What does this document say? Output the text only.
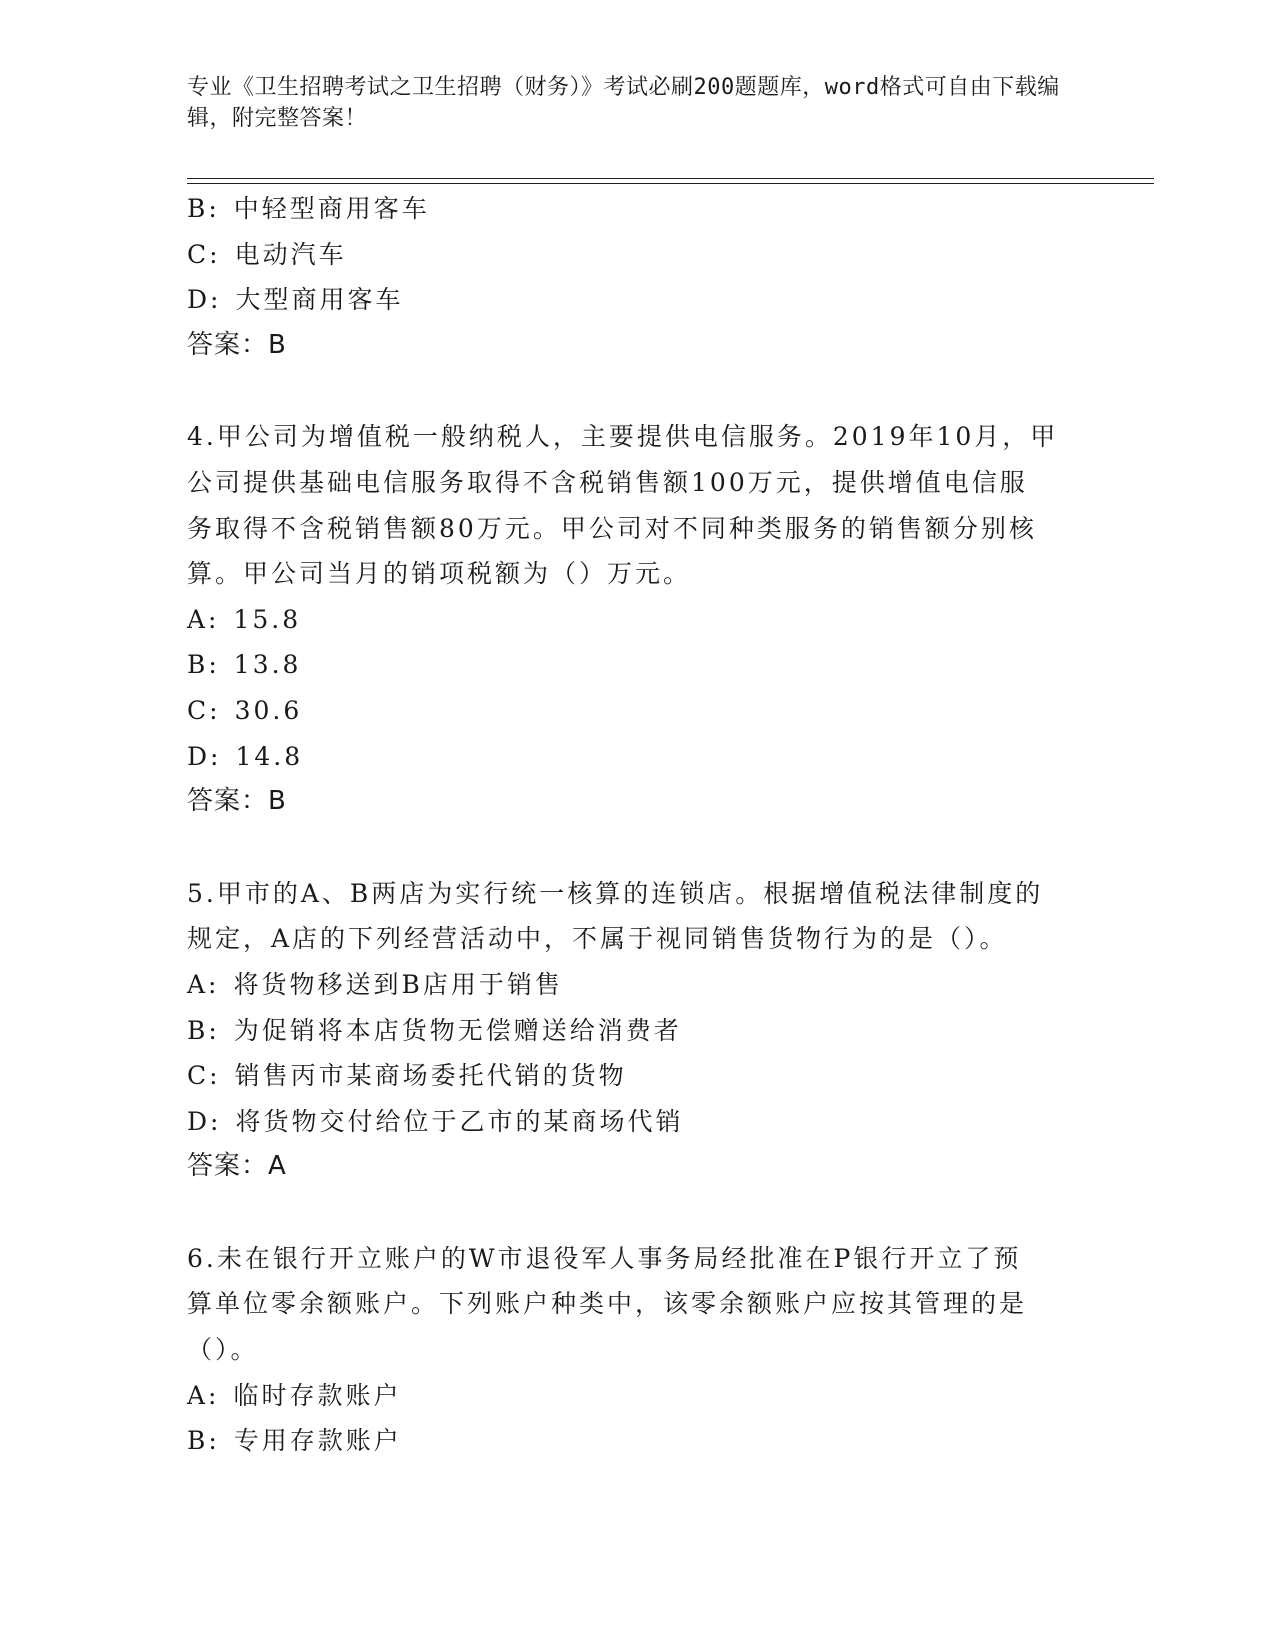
专业《卫生招聘考试之卫生招聘（财务）》考试必刷200题题库，word格式可自由下载编辑，附完整答案！
B: 中轻型商用客车
C: 电动汽车
D: 大型商用客车
答案：B
4.甲公司为增值税一般纳税人，主要提供电信服务。2019年10月，甲
公司提供基础电信服务取得不含税销售额100万元，提供增值电信服
务取得不含税销售额80万元。甲公司对不同种类服务的销售额分别核
算。甲公司当月的销项税额为（）万元。
A: 15.8
B: 13.8
C: 30.6
D: 14.8
答案：B
5.甲市的A、B两店为实行统一核算的连锁店。根据增值税法律制度的
规定，A店的下列经营活动中，不属于视同销售货物行为的是（）。
A: 将货物移送到B店用于销售
B: 为促销将本店货物无偿赠送给消费者
C: 销售丙市某商场委托代销的货物
D: 将货物交付给位于乙市的某商场代销
答案：A
6.未在银行开立账户的W市退役军人事务局经批准在P银行开立了预
算单位零余额账户。下列账户种类中，该零余额账户应按其管理的是
（）。
A: 临时存款账户
B: 专用存款账户
